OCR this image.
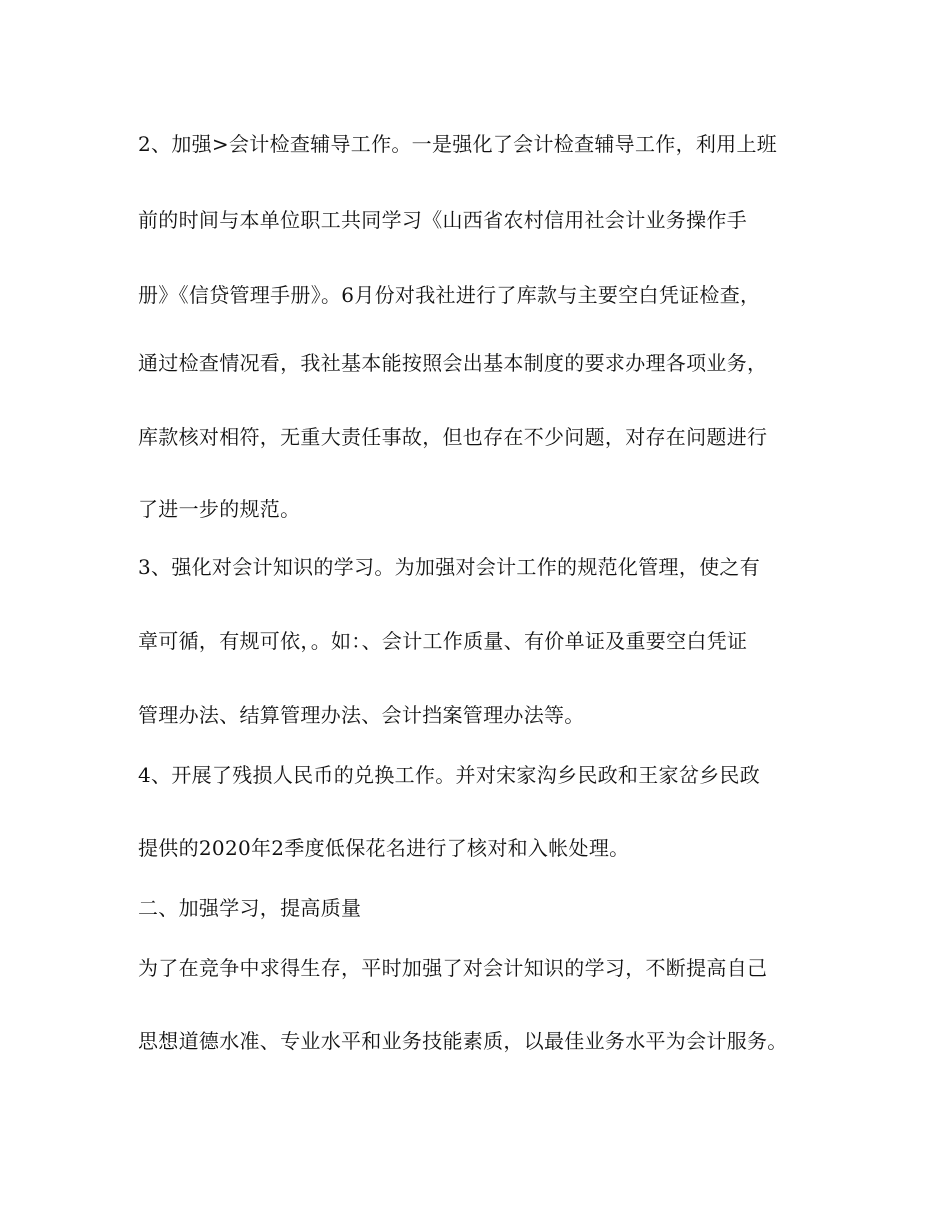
2、加强>会计检查辅导工作。一是强化了会计检查辅导工作，利用上班
前的时间与本单位职工共同学习《山西省农村信用社会计业务操作手
册》《信贷管理手册》。6月份对我社进行了库款与主要空白凭证检查，
通过检查情况看，我社基本能按照会出基本制度的要求办理各项业务，
库款核对相符，无重大责任事故，但也存在不少问题，对存在问题进行
了进一步的规范。
3、强化对会计知识的学习。为加强对会计工作的规范化管理，使之有
章可循，有规可依，。如：、会计工作质量、有价单证及重要空白凭证
管理办法、结算管理办法、会计挡案管理办法等。
4、开展了残损人民币的兑换工作。并对宋家沟乡民政和王家岔乡民政
提供的2020年2季度低保花名进行了核对和入帐处理。
二、加强学习，提高质量
为了在竞争中求得生存，平时加强了对会计知识的学习，不断提高自己
思想道德水准、专业水平和业务技能素质，以最佳业务水平为会计服务。
